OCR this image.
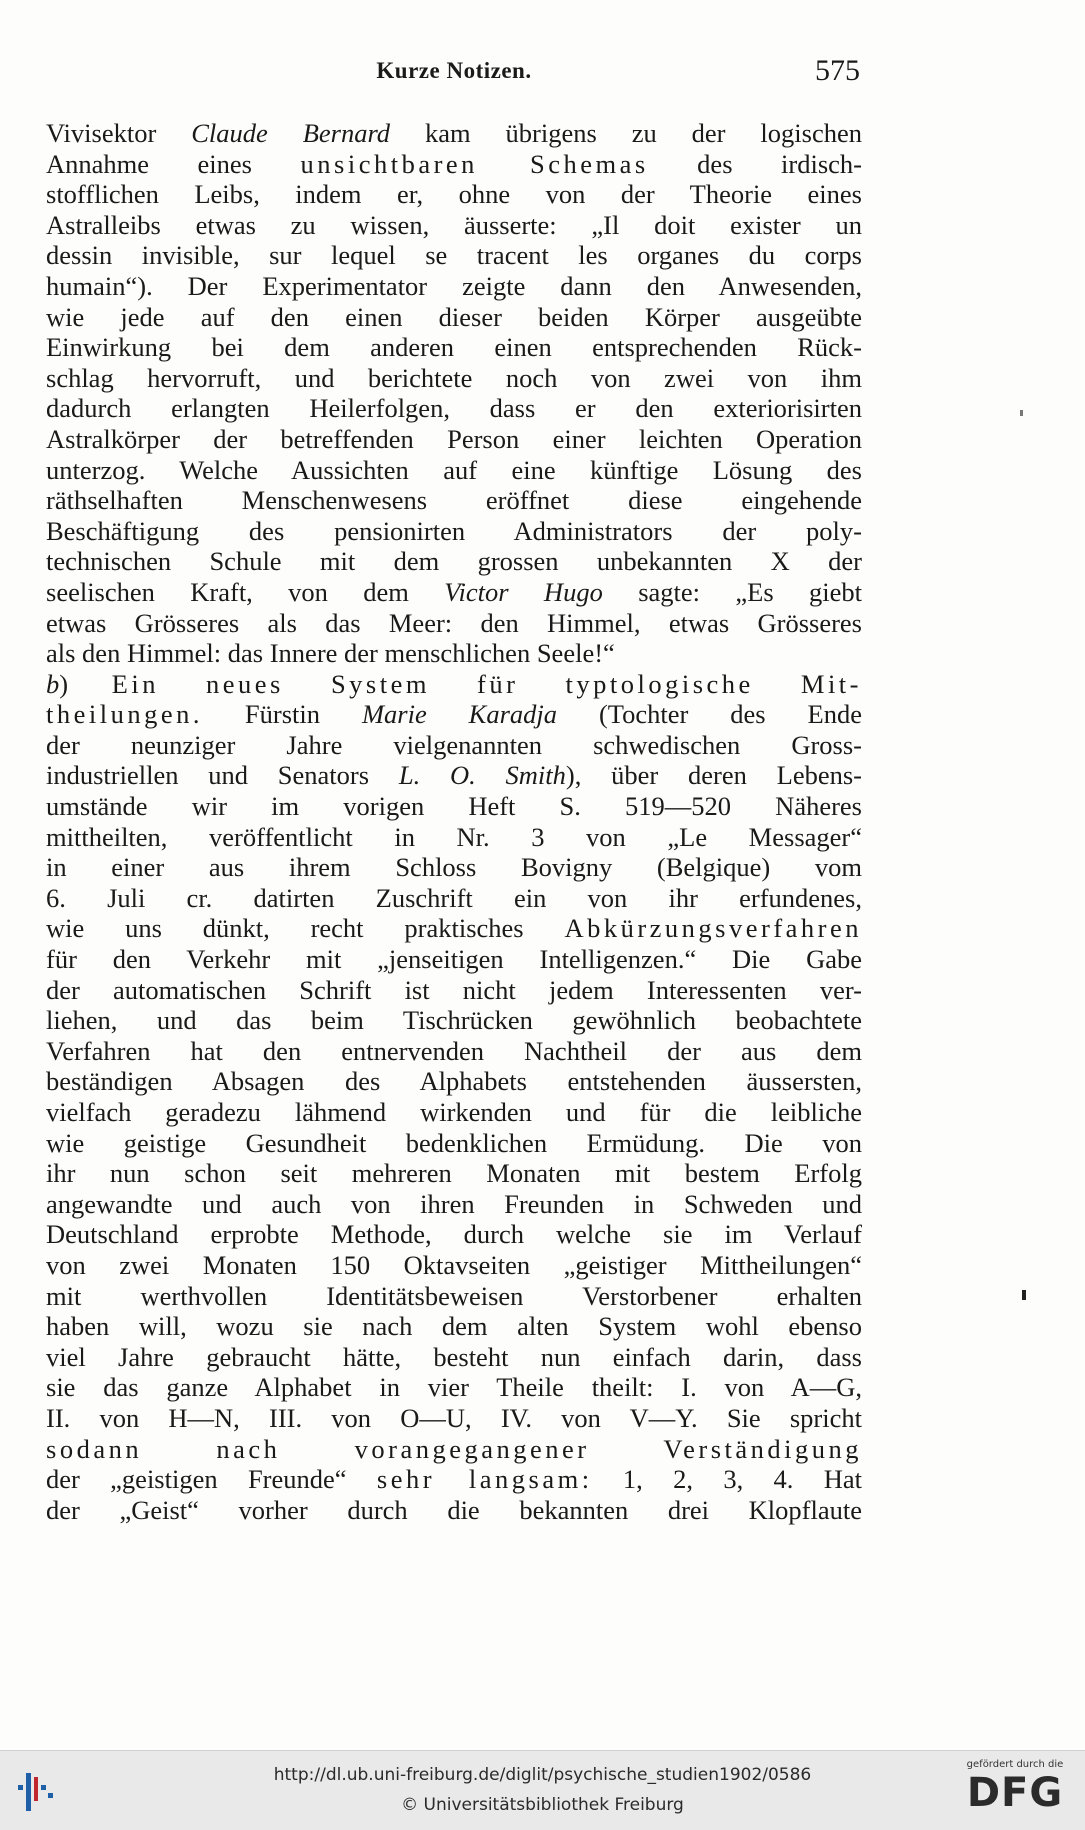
Kurze Notizen.	575
Vivisektor Claude Bernard kam übrigens zu der logischen
Annahme eines unsichtbaren Schemas des irdisch-
stofflichen Leibs, indem er, ohne von der Theorie eines
Astralleibs etwas zu wissen, äusserte: „Il doit exister un
dessin invisible, sur lequel se tracent les organes du corps
humain“). Der Experimentator zeigte dann den Anwesenden,
wie jede auf den einen dieser beiden Körper ausgeübte
Einwirkung bei dem anderen einen entsprechenden Rück-
schlag hervorruft, und berichtete noch von zwei von ihm
dadurch erlangten Heilerfolgen, dass er den exteriorisirten
Astralkörper der betreffenden Person einer leichten Operation
unterzog. Welche Aussichten auf eine künftige Lösung des
räthselhaften Menschenwesens eröffnet diese eingehende
Beschäftigung des pensionirten Administrators der poly-
technischen Schule mit dem grossen unbekannten X der
seelischen Kraft, von dem Victor Hugo sagte: „Es giebt
etwas Grösseres als das Meer: den Himmel, etwas Grösseres
als den Himmel: das Innere der menschlichen Seele!“
b) Ein neues System für typtologische Mit-
theilungen. Fürstin Marie Karadja (Tochter des Ende
der neunziger Jahre vielgenannten schwedischen Gross-
industriellen und Senators L. O. Smith), über deren Lebens-
umstände wir im vorigen Heft S. 519—520 Näheres
mittheilten, veröffentlicht in Nr. 3 von „Le Messager“
in einer aus ihrem Schloss Bovigny (Belgique) vom
6. Juli cr. datirten Zuschrift ein von ihr erfundenes,
wie uns dünkt, recht praktisches Abkürzungsverfahren
für den Verkehr mit „jenseitigen Intelligenzen.“ Die Gabe
der automatischen Schrift ist nicht jedem Interessenten ver-
liehen, und das beim Tischrücken gewöhnlich beobachtete
Verfahren hat den entnervenden Nachtheil der aus dem
beständigen Absagen des Alphabets entstehenden äussersten,
vielfach geradezu lähmend wirkenden und für die leibliche
wie geistige Gesundheit bedenklichen Ermüdung. Die von
ihr nun schon seit mehreren Monaten mit bestem Erfolg
angewandte und auch von ihren Freunden in Schweden und
Deutschland erprobte Methode, durch welche sie im Verlauf
von zwei Monaten 150 Oktavseiten „geistiger Mittheilungen“
mit werthvollen Identitätsbeweisen Verstorbener erhalten
haben will, wozu sie nach dem alten System wohl ebenso
viel Jahre gebraucht hätte, besteht nun einfach darin, dass
sie das ganze Alphabet in vier Theile theilt: I. von A—G,
II. von H—N, III. von O—U, IV. von V—Y. Sie spricht
sodann nach vorangegangener Verständigung
der „geistigen Freunde“ sehr langsam: 1, 2, 3, 4. Hat
der „Geist“ vorher durch die bekannten drei Klopflaute
http://dl.ub.uni-freiburg.de/diglit/psychische_studien1902/0586
© Universitätsbibliothek Freiburg
gefördert durch die
DFG
